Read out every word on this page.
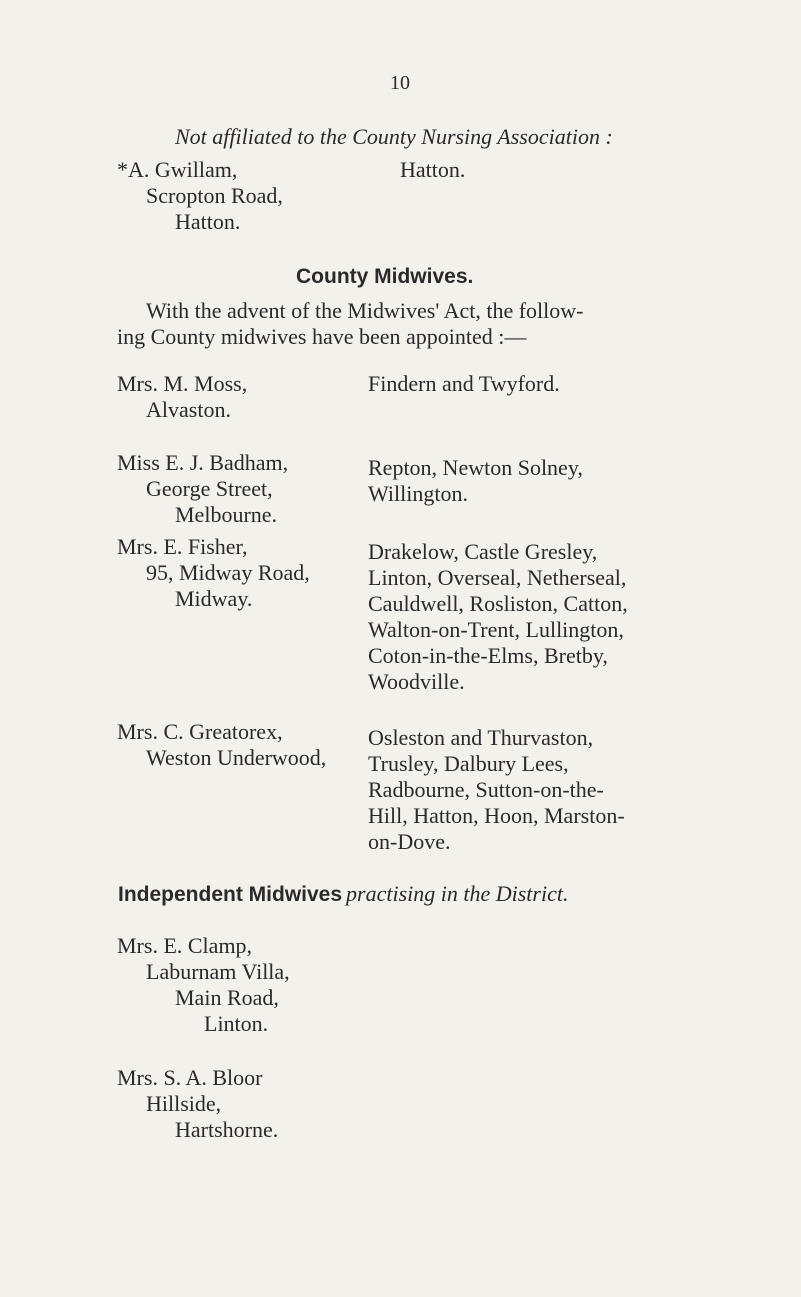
10
Not affiliated to the County Nursing Association :
*A. Gwillam,	Hatton.
Scropton Road,
Hatton.
County Midwives.
With the advent of the Midwives' Act, the follow-
ing County midwives have been appointed :—
Mrs. M. Moss,
Alvaston.
Findern and Twyford.
Miss E. J. Badham,
George Street,
Melbourne.
Repton, Newton Solney,
Willington.
Mrs. E. Fisher,
95, Midway Road,
Midway.
Drakelow, Castle Gresley,
Linton, Overseal, Netherseal,
Cauldwell, Rosliston, Catton,
Walton-on-Trent, Lullington,
Coton-in-the-Elms, Bretby,
Woodville.
Mrs. C. Greatorex,
Weston Underwood,
Osleston and Thurvaston,
Trusley, Dalbury Lees,
Radbourne, Sutton-on-the-
Hill, Hatton, Hoon, Marston-
on-Dove.
Independent Midwives practising in the District.
Mrs. E. Clamp,
Laburnam Villa,
Main Road,
Linton.
Mrs. S. A. Bloor
Hillside,
Hartshorne.
